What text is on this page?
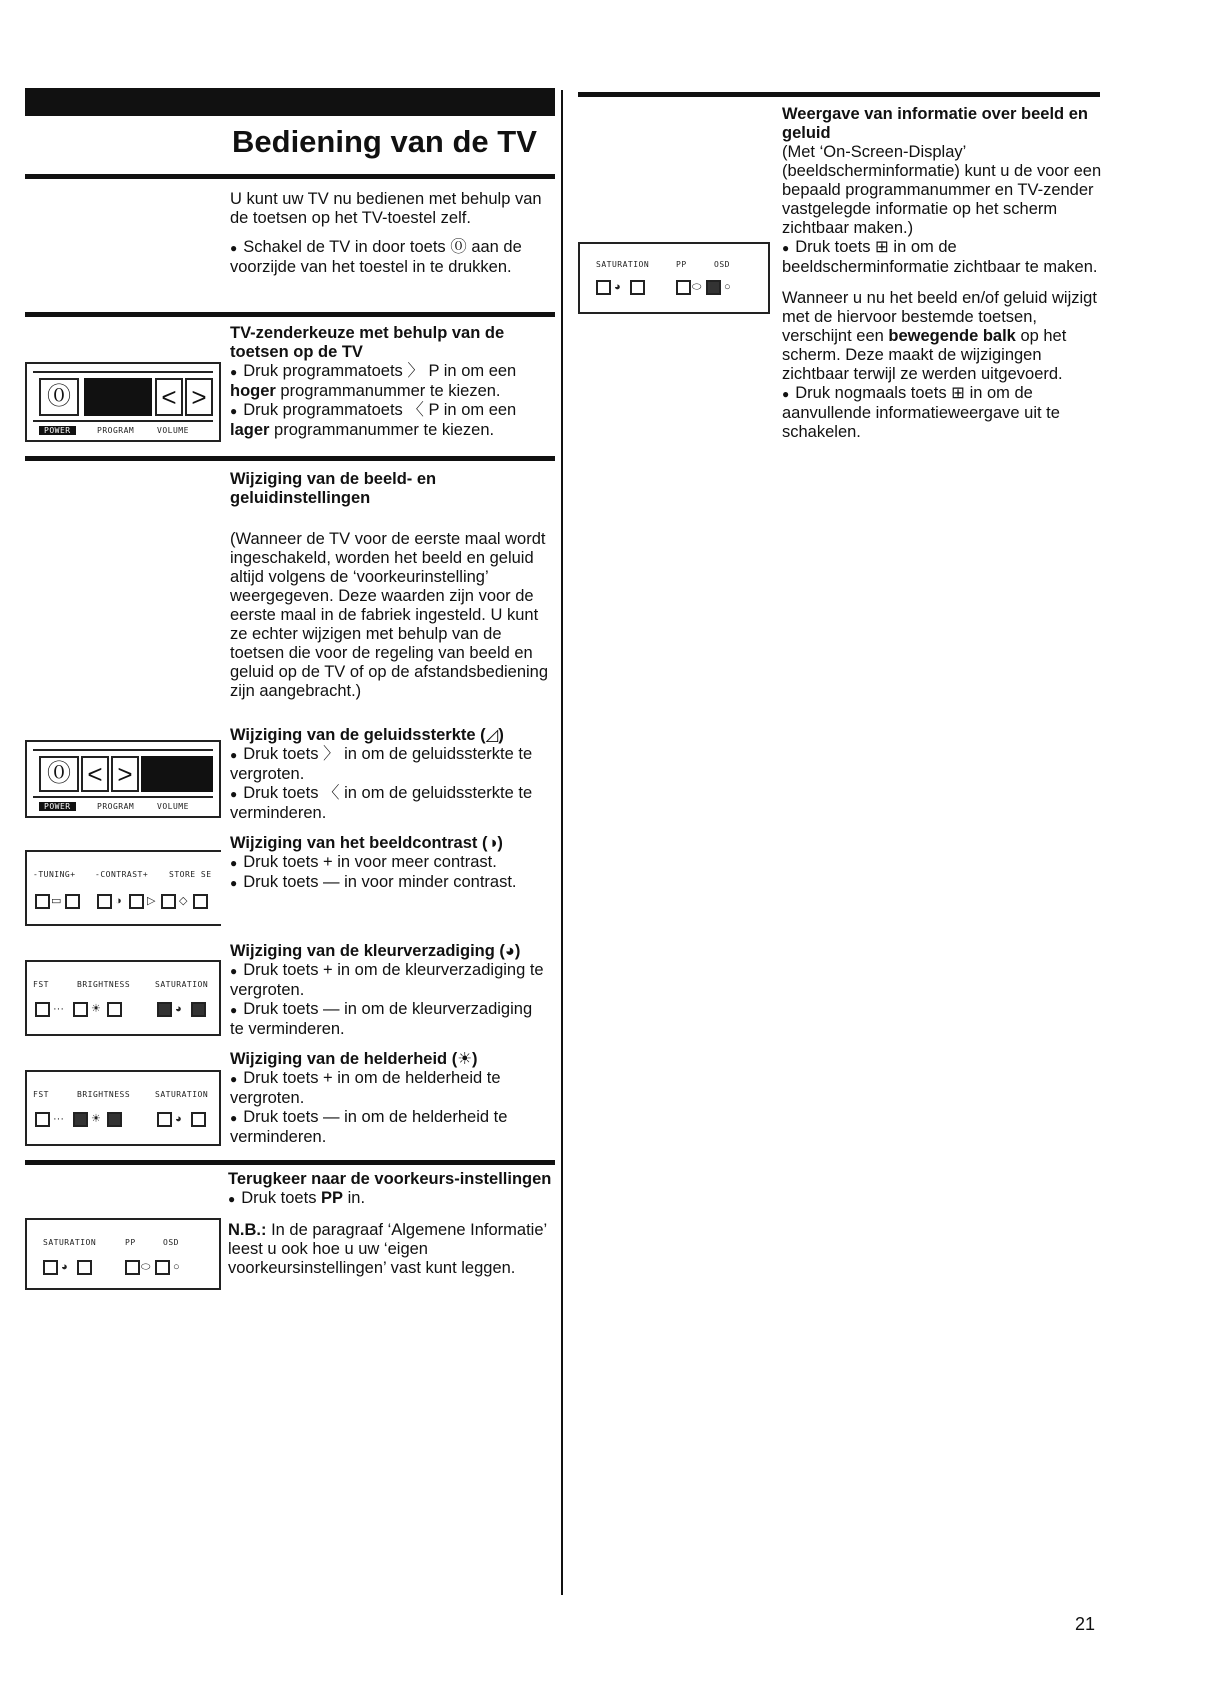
Bediening van de TV

U kunt uw TV nu bedienen met behulp van de toetsen op het TV-toestel zelf.

● Schakel de TV in door toets ⓪ aan de voorzijde van het toestel in te drukken.

⓪	< >
POWER	PROGRAM	VOLUME

TV-zenderkeuze met behulp van de toetsen op de TV

● Druk programmatoets 〉 P in om een hoger programmanummer te kiezen.

● Druk programmatoets 〈 P in om een lager programmanummer te kiezen.

Wijziging van de beeld- en geluidinstellingen

(Wanneer de TV voor de eerste maal wordt ingeschakeld, worden het beeld en geluid altijd volgens de ‘voorkeurinstelling’ weergegeven. Deze waarden zijn voor de eerste maal in de fabriek ingesteld. U kunt ze echter wijzigen met behulp van de toetsen die voor de regeling van beeld en geluid op de TV of op de afstandsbediening zijn aangebracht.)

⓪ < >
POWER	PROGRAM	VOLUME

Wijziging van de geluidssterkte (◿)

● Druk toets 〉 in om de geluidssterkte te vergroten.

● Druk toets 〈 in om de geluidssterkte te verminderen.

-TUNING+ -CONTRAST+	STORE SE
▭	◑ ▷ ◇

Wijziging van het beeldcontrast (◑)

● Druk toets + in voor meer contrast.

● Druk toets — in voor minder contrast.

FST	BRIGHTNESS	SATURATION
··· ☀	◕

Wijziging van de kleurverzadiging (◕)

● Druk toets + in om de kleurverzadiging te vergroten.

● Druk toets — in om de kleurverzadiging te verminderen.

FST	BRIGHTNESS	SATURATION
··· ☀	◕

Wijziging van de helderheid (☀)

● Druk toets + in om de helderheid te vergroten.

● Druk toets — in om de helderheid te verminderen.

SATURATION	PP	OSD
◕	⬭ ○

Terugkeer naar de voorkeurs-instellingen

● Druk toets PP in.

N.B.: In de paragraaf ‘Algemene Informatie’ leest u ook hoe u uw ‘eigen voorkeursinstellingen’ vast kunt leggen.

SATURATION	PP	OSD
◕	⬭ ○

Weergave van informatie over beeld en geluid

(Met ‘On-Screen-Display’ (beeldscherminformatie) kunt u de voor een bepaald programmanummer en TV-zender vastgelegde informatie op het scherm zichtbaar maken.)

● Druk toets ⊞ in om de beeldscherminformatie zichtbaar te maken.

Wanneer u nu het beeld en/of geluid wijzigt met de hiervoor bestemde toetsen, verschijnt een bewegende balk op het scherm. Deze maakt de wijzigingen zichtbaar terwijl ze werden uitgevoerd.

● Druk nogmaals toets ⊞ in om de aanvullende informatieweergave uit te schakelen.

21
